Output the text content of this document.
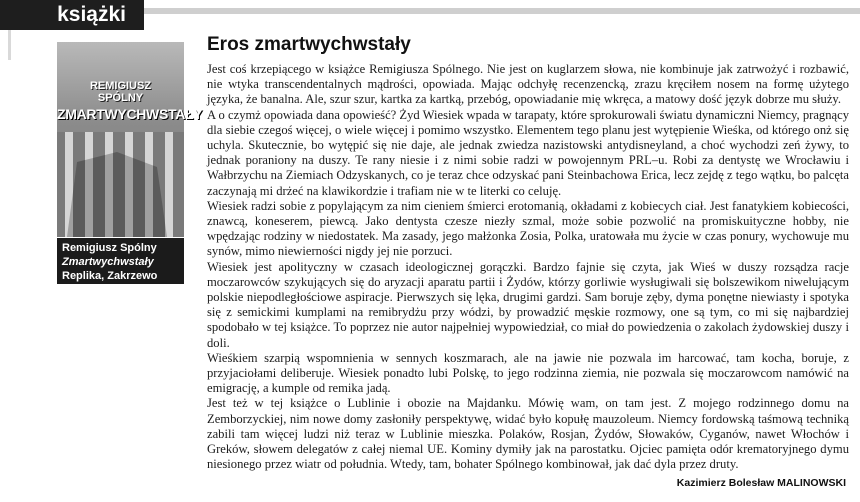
książki
REMIGIUSZ
SPÓLNY
ZMARTWYCHWSTAŁY
Remigiusz Spólny
Zmartwychwstały
Replika, Zakrzewo 2007
Eros zmartwychwstały

Jest coś krzepiącego w książce Remigiusza Spólnego. Nie jest on kuglarzem słowa, nie kombinuje jak zatrwożyć i rozbawić, nie wtyka transcendentalnych mądrości, opowiada. Mając odchyłę recenzencką, zrazu kręciłem nosem na formę użytego języka, że banalna. Ale, szur szur, kartka za kartką, przebóg, opowiadanie mię wkręca, a matowy dość język dobrze mu służy.

A o czymż opowiada dana opowieść? Żyd Wiesiek wpada w tarapaty, które sprokurowali światu dynamiczni Niemcy, pragnący dla siebie czegoś więcej, o wiele więcej i pomimo wszystko. Elementem tego planu jest wytępienie Wieśka, od którego onż się uchyla. Skutecznie, bo wytępić się nie daje, ale jednak zwiedza nazistowski antydisneyland, a choć wychodzi zeń żywy, to jednak poraniony na duszy. Te rany niesie i z nimi sobie radzi w powojennym PRL–u. Robi za dentystę we Wrocławiu i Wałbrzychu na Ziemiach Odzyskanych, co je teraz chce odzyskać pani Steinbachowa Erica, lecz zejdę z tego wątku, bo palcęta zaczynają mi drżeć na klawikordzie i trafiam nie w te literki co celuję.

Wiesiek radzi sobie z popylającym za nim cieniem śmierci erotomanią, okładami z kobiecych ciał. Jest fanatykiem kobiecości, znawcą, koneserem, piewcą. Jako dentysta czesze niezły szmal, może sobie pozwolić na promiskuityczne hobby, nie wpędzając rodziny w niedostatek. Ma zasady, jego małżonka Zosia, Polka, uratowała mu życie w czas ponury, wychowuje mu synów, mimo niewierności nigdy jej nie porzuci.

Wiesiek jest apolityczny w czasach ideologicznej gorączki. Bardzo fajnie się czyta, jak Wieś w duszy rozsądza racje moczarowców szykujących się do aryzacji aparatu partii i Żydów, którzy gorliwie wysługiwali się bolszewikom niwelującym polskie niepodległościowe aspiracje. Pierwszych się lęka, drugimi gardzi. Sam boruje zęby, dyma ponętne niewiasty i spotyka się z semickimi kumplami na remibrydżu przy wódzi, by prowadzić męskie rozmowy, one są tym, co mi się najbardziej spodobało w tej książce. To poprzez nie autor najpełniej wypowiedział, co miał do powiedzenia o zakolach żydowskiej duszy i doli.

Wieśkiem szarpią wspomnienia w sennych koszmarach, ale na jawie nie pozwala im harcować, tam kocha, boruje, z przyjaciołami deliberuje. Wiesiek ponadto lubi Polskę, to jego rodzinna ziemia, nie pozwala się moczarowcom namówić na emigrację, a kumple od remika jadą.

Jest też w tej książce o Lublinie i obozie na Majdanku. Mówię wam, on tam jest. Z mojego rodzinnego domu na Zemborzyckiej, nim nowe domy zasłoniły perspektywę, widać było kopułę mauzoleum. Niemcy fordowską taśmową techniką zabili tam więcej ludzi niż teraz w Lublinie mieszka. Polaków, Rosjan, Żydów, Słowaków, Cyganów, nawet Włochów i Greków, słowem delegatów z całej niemal UE. Kominy dymiły jak na parostatku. Ojciec pamięta odór krematoryjnego dymu niesionego przez wiatr od południa. Wtedy, tam, bohater Spólnego kombinował, jak dać dyla przez druty.

Kazimierz Bolesław MALINOWSKI
